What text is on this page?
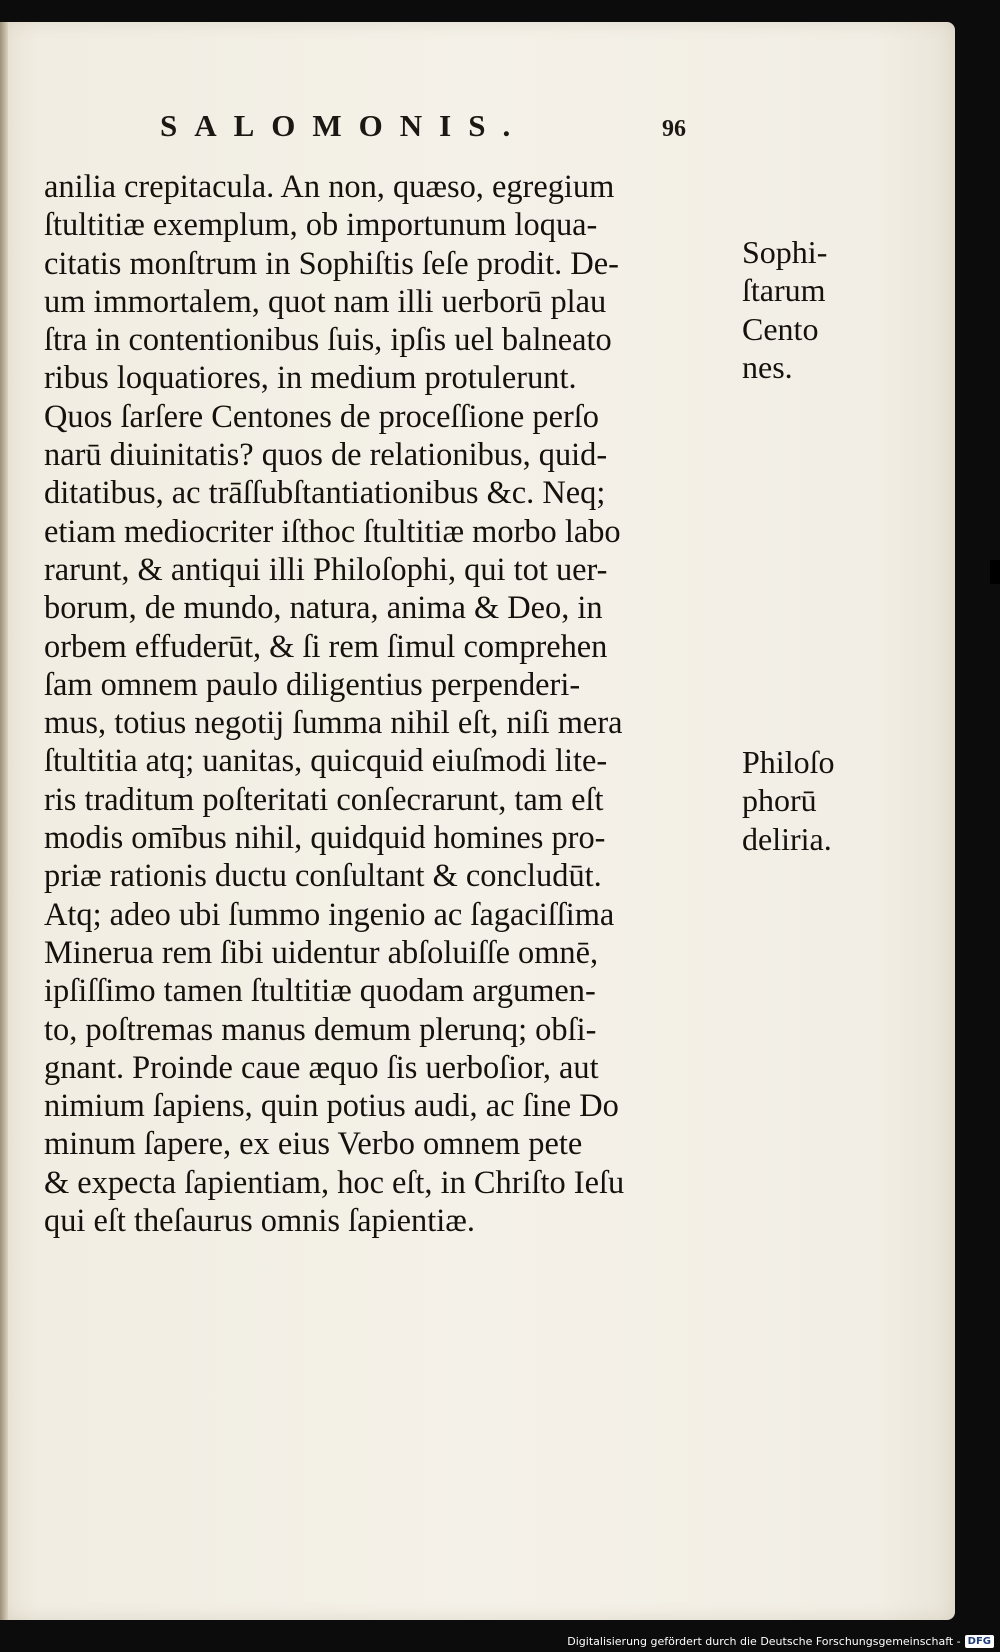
SALOMONIS.	96
anilia crepitacula. An non, quæso, egregium
ſtultitiæ exemplum, ob importunum loqua-
citatis monſtrum in Sophiſtis ſeſe prodit. De-
um immortalem, quot nam illi uerborū plau
ſtra in contentionibus ſuis, ipſis uel balneato
ribus loquatiores, in medium protulerunt.
Quos ſarſere Centones de proceſſione perſo
narū diuinitatis? quos de relationibus, quid-
ditatibus, ac trāſſubſtantiationibus &c. Neq;
etiam mediocriter iſthoc ſtultitiæ morbo labo
rarunt, & antiqui illi Philoſophi, qui tot uer-
borum, de mundo, natura, anima & Deo, in
orbem effuderūt, & ſi rem ſimul comprehen
ſam omnem paulo diligentius perpenderi-
mus, totius negotij ſumma nihil eſt, niſi mera
ſtultitia atq; uanitas, quicquid eiuſmodi lite-
ris traditum poſteritati conſecrarunt, tam eſt
modis omībus nihil, quidquid homines pro-
priæ rationis ductu conſultant & concludūt.
Atq; adeo ubi ſummo ingenio ac ſagaciſſima
Minerua rem ſibi uidentur abſoluiſſe omnē,
ipſiſſimo tamen ſtultitiæ quodam argumen-
to, poſtremas manus demum plerunq; obſi-
gnant. Proinde caue æquo ſis uerboſior, aut
nimium ſapiens, quin potius audi, ac ſine Do
minum ſapere, ex eius Verbo omnem pete
& expecta ſapientiam, hoc eſt, in Chriſto Ieſu
qui eſt theſaurus omnis ſapientiæ.
Sophi-
ſtarum
Cento
nes.
Philoſo
phorū
deliria.
Digitalisierung gefördert durch die Deutsche Forschungsgemeinschaft - DFG
